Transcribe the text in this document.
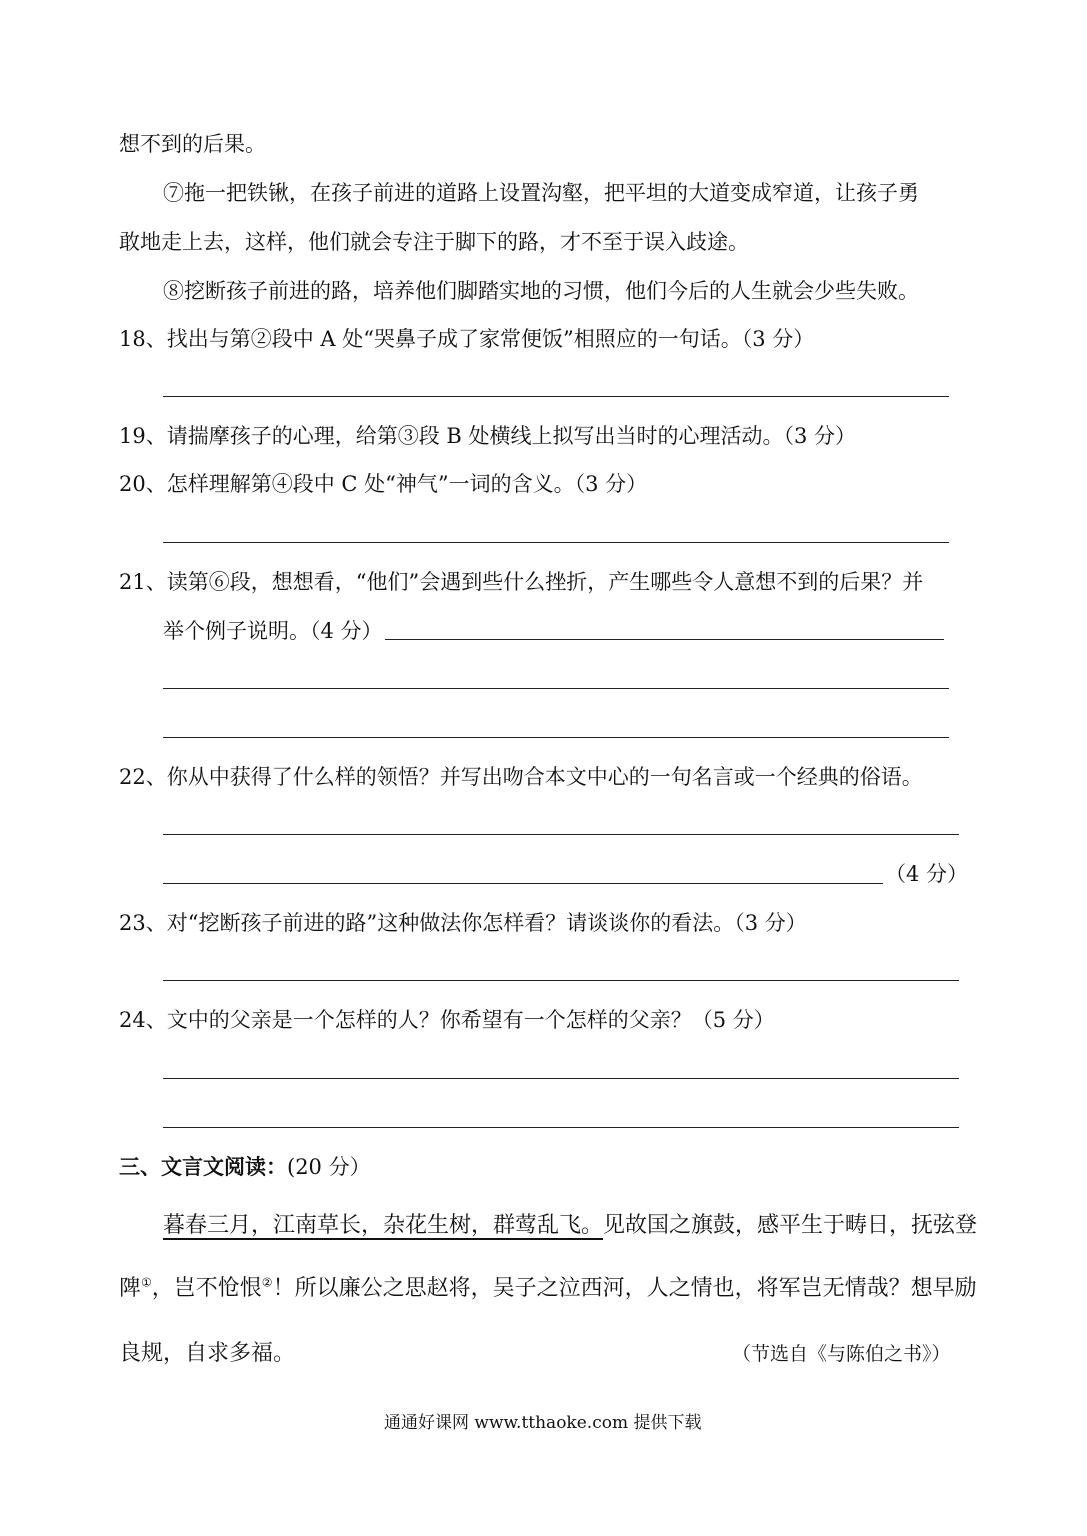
想不到的后果。
⑦拖一把铁锹，在孩子前进的道路上设置沟壑，把平坦的大道变成窄道，让孩子勇
敢地走上去，这样，他们就会专注于脚下的路，才不至于误入歧途。
⑧挖断孩子前进的路，培养他们脚踏实地的习惯，他们今后的人生就会少些失败。
18、找出与第②段中 A 处“哭鼻子成了家常便饭”相照应的一句话。（3 分）
19、请揣摩孩子的心理，给第③段 B 处横线上拟写出当时的心理活动。（3 分）
20、怎样理解第④段中 C 处“神气”一词的含义。（3 分）
21、读第⑥段，想想看，“他们”会遇到些什么挫折，产生哪些令人意想不到的后果？并
举个例子说明。（4 分）
22、你从中获得了什么样的领悟？并写出吻合本文中心的一句名言或一个经典的俗语。
（4 分）
23、对“挖断孩子前进的路”这种做法你怎样看？请谈谈你的看法。（3 分）
24、文中的父亲是一个怎样的人？你希望有一个怎样的父亲？（5 分）
三、文言文阅读：(20 分）
暮春三月，江南草长，杂花生树，群莺乱飞。见故国之旗鼓，感平生于畴日，抚弦登
陴①，岂不怆恨②！所以廉公之思赵将，吴子之泣西河，人之情也，将军岂无情哉？想早励
良规，自求多福。	（节选自《与陈伯之书》）
通通好课网 www.tthaoke.com 提供下载
